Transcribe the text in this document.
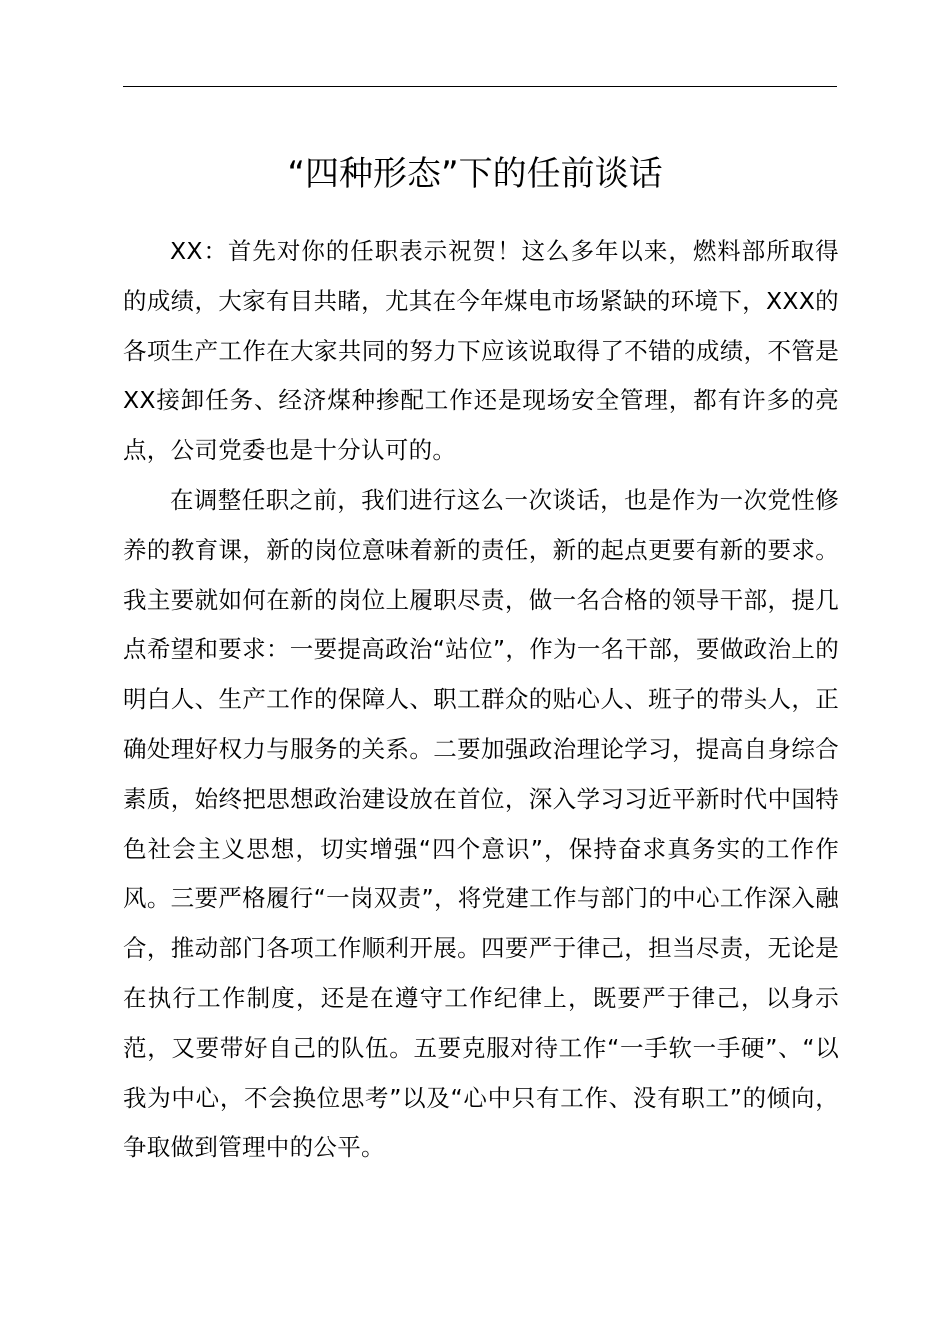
“四种形态”下的任前谈话

XX：首先对你的任职表示祝贺！这么多年以来，燃料部所取得的成绩，大家有目共睹，尤其在今年煤电市场紧缺的环境下，XXX的各项生产工作在大家共同的努力下应该说取得了不错的成绩，不管是XX接卸任务、经济煤种掺配工作还是现场安全管理，都有许多的亮点，公司党委也是十分认可的。

在调整任职之前，我们进行这么一次谈话，也是作为一次党性修养的教育课，新的岗位意味着新的责任，新的起点更要有新的要求。我主要就如何在新的岗位上履职尽责，做一名合格的领导干部，提几点希望和要求：一要提高政治“站位”，作为一名干部，要做政治上的明白人、生产工作的保障人、职工群众的贴心人、班子的带头人，正确处理好权力与服务的关系。二要加强政治理论学习，提高自身综合素质，始终把思想政治建设放在首位，深入学习习近平新时代中国特色社会主义思想，切实增强“四个意识”，保持奋求真务实的工作作风。三要严格履行“一岗双责”，将党建工作与部门的中心工作深入融合，推动部门各项工作顺利开展。四要严于律己，担当尽责，无论是在执行工作制度，还是在遵守工作纪律上，既要严于律己，以身示范，又要带好自己的队伍。五要克服对待工作“一手软一手硬”、“以我为中心，不会换位思考”以及“心中只有工作、没有职工”的倾向，争取做到管理中的公平。
